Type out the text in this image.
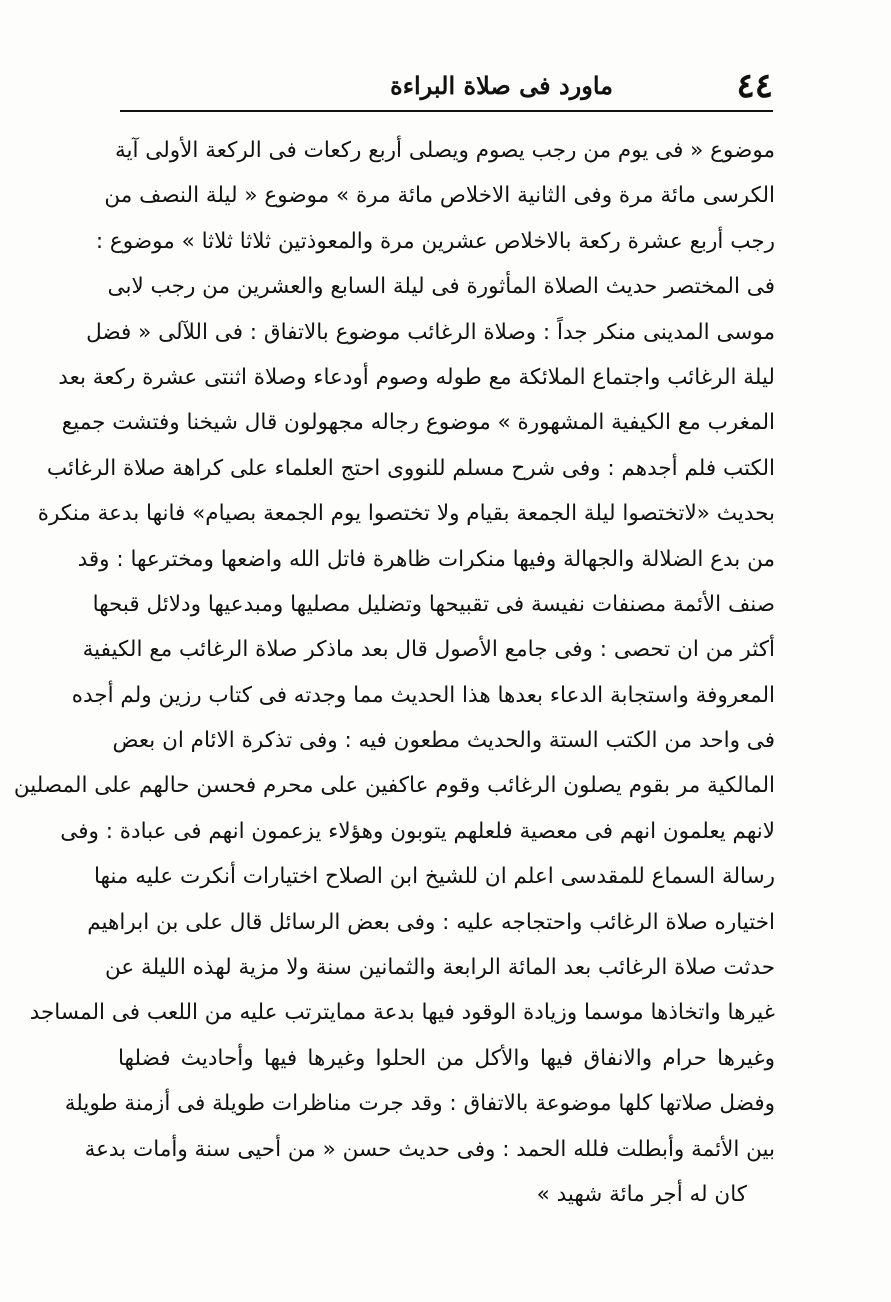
٤٤
ماورد فى صلاة البراءة
موضوع « فى يوم من رجب يصوم ويصلى أربع ركعات فى الركعة الأولى آية
الكرسى مائة مرة وفى الثانية الاخلاص مائة مرة » موضوع « ليلة النصف من
رجب أربع عشرة ركعة بالاخلاص عشرين مرة والمعوذتين ثلاثا ثلاثا » موضوع :
فى المختصر حديث الصلاة المأثورة فى ليلة السابع والعشرين من رجب لابى
موسى المدينى منكر جداً : وصلاة الرغائب موضوع بالاتفاق : فى اللآلى « فضل
ليلة الرغائب واجتماع الملائكة مع طوله وصوم أودعاء وصلاة اثنتى عشرة ركعة بعد
المغرب مع الكيفية المشهورة » موضوع رجاله مجهولون قال شيخنا وفتشت جميع
الكتب فلم أجدهم : وفى شرح مسلم للنووى احتج العلماء على كراهة صلاة الرغائب
بحديث «لاتختصوا ليلة الجمعة بقيام ولا تختصوا يوم الجمعة بصيام» فانها بدعة منكرة
من بدع الضلالة والجهالة وفيها منكرات ظاهرة فاتل الله واضعها ومخترعها : وقد
صنف الأئمة مصنفات نفيسة فى تقبيحها وتضليل مصليها ومبدعيها ودلائل قبحها
أكثر من ان تحصى : وفى جامع الأصول قال بعد ماذكر صلاة الرغائب مع الكيفية
المعروفة واستجابة الدعاء بعدها هذا الحديث مما وجدته فى كتاب رزين ولم أجده
فى واحد من الكتب الستة والحديث مطعون فيه : وفى تذكرة الائام ان بعض
المالكية مر بقوم يصلون الرغائب وقوم عاكفين على محرم فحسن حالهم على المصلين
لانهم يعلمون انهم فى معصية فلعلهم يتوبون وهؤلاء يزعمون انهم فى عبادة : وفى
رسالة السماع للمقدسى اعلم ان للشيخ ابن الصلاح اختيارات أنكرت عليه منها
اختياره صلاة الرغائب واحتجاجه عليه : وفى بعض الرسائل قال على بن ابراهيم
حدثت صلاة الرغائب بعد المائة الرابعة والثمانين سنة ولا مزية لهذه الليلة عن
غيرها واتخاذها موسما وزيادة الوقود فيها بدعة ممايترتب عليه من اللعب فى المساجد
وغيرها حرام والانفاق فيها والأكل من الحلوا وغيرها فيها وأحاديث فضلها
وفضل صلاتها كلها موضوعة بالاتفاق : وقد جرت مناظرات طويلة فى أزمنة طويلة
بين الأئمة وأبطلت فلله الحمد : وفى حديث حسن « من أحيى سنة وأمات بدعة
كان له أجر مائة شهيد »
